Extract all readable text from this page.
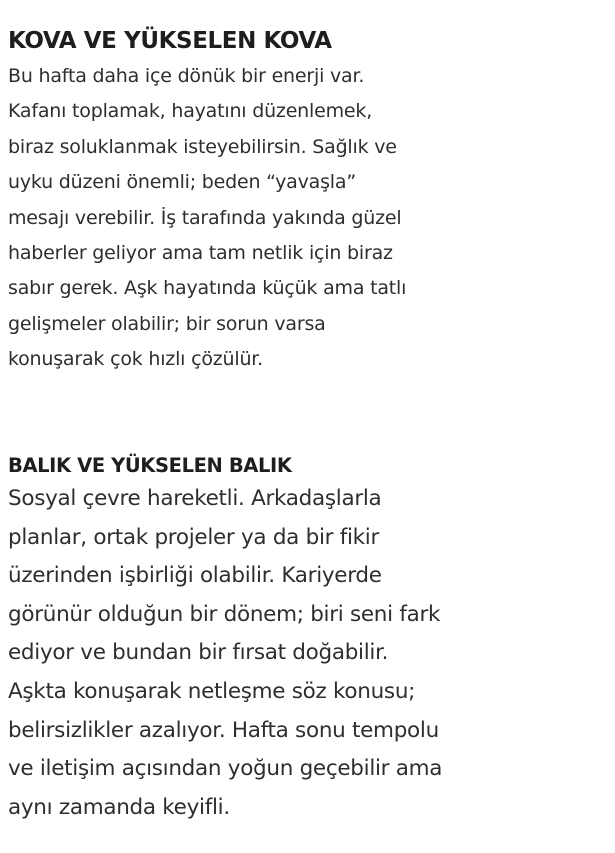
KOVA VE YÜKSELEN KOVA
Bu hafta daha içe dönük bir enerji var.
Kafanı toplamak, hayatını düzenlemek,
biraz soluklanmak isteyebilirsin. Sağlık ve
uyku düzeni önemli; beden “yavaşla”
mesajı verebilir. İş tarafında yakında güzel
haberler geliyor ama tam netlik için biraz
sabır gerek. Aşk hayatında küçük ama tatlı
gelişmeler olabilir; bir sorun varsa
konuşarak çok hızlı çözülür.
BALIK VE YÜKSELEN BALIK
Sosyal çevre hareketli. Arkadaşlarla
planlar, ortak projeler ya da bir fikir
üzerinden işbirliği olabilir. Kariyerde
görünür olduğun bir dönem; biri seni fark
ediyor ve bundan bir fırsat doğabilir.
Aşkta konuşarak netleşme söz konusu;
belirsizlikler azalıyor. Hafta sonu tempolu
ve iletişim açısından yoğun geçebilir ama
aynı zamanda keyifli.
